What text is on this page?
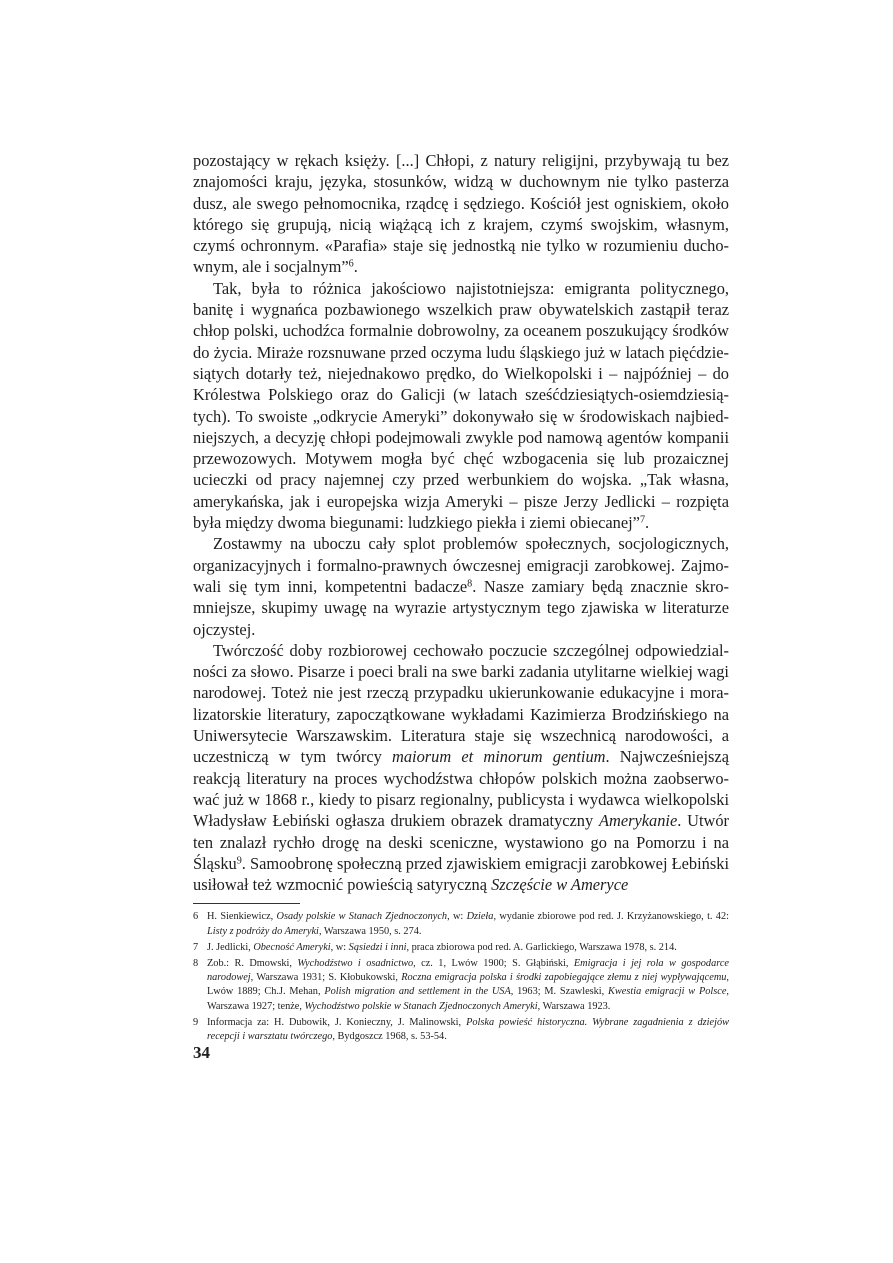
pozostający w rękach księży. [...] Chłopi, z natury religijni, przybywają tu bez znajomości kraju, języka, stosunków, widzą w duchownym nie tylko pasterza dusz, ale swego pełnomocnika, rządcę i sędziego. Kościół jest ogniskiem, około którego się grupują, nicią wiążącą ich z krajem, czymś swojskim, własnym, czymś ochronnym. «Parafia» staje się jednostką nie tylko w rozumieniu duchownym, ale i socjalnym”$^6$.

Tak, była to różnica jakościowo najistotniejsza: emigranta politycznego, banitę i wygnańca pozbawionego wszelkich praw obywatelskich zastąpił teraz chłop polski, uchodźca formalnie dobrowolny, za oceanem poszukujący środków do życia. Miraże rozsnuwane przed oczyma ludu śląskiego już w latach pięćdziesiątych dotarły też, niejednakowo prędko, do Wielkopolski i – najpóźniej – do Królestwa Polskiego oraz do Galicji (w latach sześćdziesiątych-osiemdziesiątych). To swoiste „odkrycie Ameryki” dokonywało się w środowiskach najbiedniejszych, a decyzję chłopi podejmowali zwykle pod namową agentów kompanii przewozowych. Motywem mogła być chęć wzbogacenia się lub prozaicznej ucieczki od pracy najemnej czy przed werbunkiem do wojska. „Tak własna, amerykańska, jak i europejska wizja Ameryki – pisze Jerzy Jedlicki – rozpięta była między dwoma biegunami: ludzkiego piekła i ziemi obiecanej”$^7$.

Zostawmy na uboczu cały splot problemów społecznych, socjologicznych, organizacyjnych i formalno-prawnych ówczesnej emigracji zarobkowej. Zajmowali się tym inni, kompetentni badacze$^8$. Nasze zamiary będą znacznie skromniejsze, skupimy uwagę na wyrazie artystycznym tego zjawiska w literaturze ojczystej.

Twórczość doby rozbiorowej cechowało poczucie szczególnej odpowiedzialności za słowo. Pisarze i poeci brali na swe barki zadania utylitarne wielkiej wagi narodowej. Toteż nie jest rzeczą przypadku ukierunkowanie edukacyjne i moralizatorskie literatury, zapoczątkowane wykładami Kazimierza Brodzińskiego na Uniwersytecie Warszawskim. Literatura staje się wszechnicą narodowości, a uczestniczą w tym twórcy maiorum et minorum gentium. Najwcześniejszą reakcją literatury na proces wychodźstwa chłopów polskich można zaobserwować już w 1868 r., kiedy to pisarz regionalny, publicysta i wydawca wielkopolski Władysław Łebiński ogłasza drukiem obrazek dramatyczny Amerykanie. Utwór ten znalazł rychło drogę na deski sceniczne, wystawiono go na Pomorzu i na Śląsku$^9$. Samoobronę społeczną przed zjawiskiem emigracji zarobkowej Łebiński usiłował też wzmocnić powieścią satyryczną Szczęście w Ameryce

6 H. Sienkiewicz, Osady polskie w Stanach Zjednoczonych, w: Dzieła, wydanie zbiorowe pod red. J. Krzyżanowskiego, t. 42: Listy z podróży do Ameryki, Warszawa 1950, s. 274.
7 J. Jedlicki, Obecność Ameryki, w: Sąsiedzi i inni, praca zbiorowa pod red. A. Garlickiego, Warszawa 1978, s. 214.
8 Zob.: R. Dmowski, Wychodźstwo i osadnictwo, cz. 1, Lwów 1900; S. Głąbiński, Emigracja i jej rola w gospodarce narodowej, Warszawa 1931; S. Kłobukowski, Roczna emigracja polska i środki zapobiegające złemu z niej wypływającemu, Lwów 1889; Ch.J. Mehan, Polish migration and settlement in the USA, 1963; M. Szawleski, Kwestia emigracji w Polsce, Warszawa 1927; tenże, Wychodźstwo polskie w Stanach Zjednoczonych Ameryki, Warszawa 1923.
9 Informacja za: H. Dubowik, J. Konieczny, J. Malinowski, Polska powieść historyczna. Wybrane zagadnienia z dziejów recepcji i warsztatu twórczego, Bydgoszcz 1968, s. 53-54.
34
